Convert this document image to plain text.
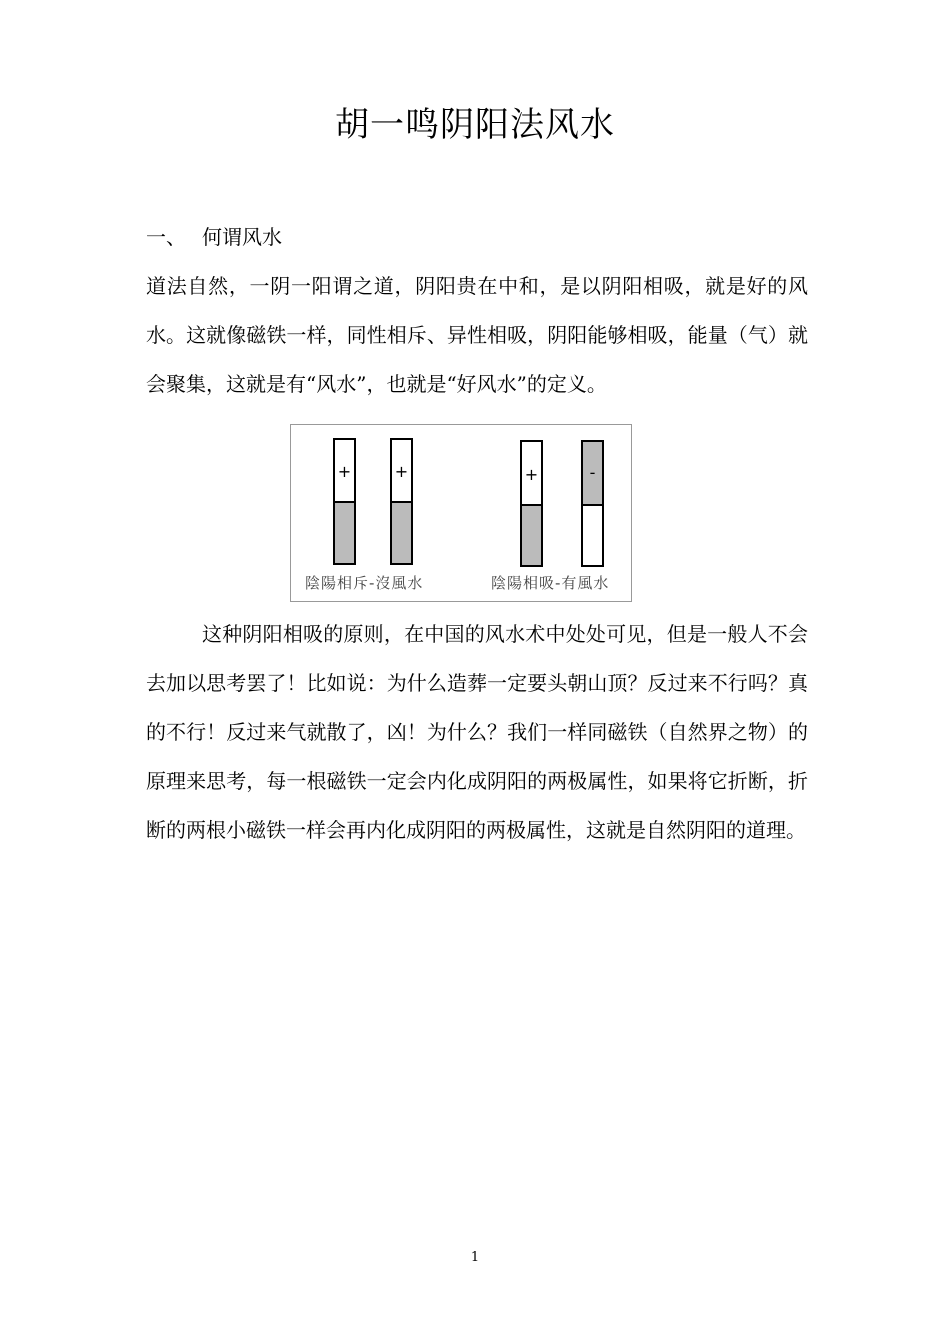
胡一鸣阴阳法风水
一、 何谓风水
道法自然，一阴一阳谓之道，阴阳贵在中和，是以阴阳相吸，就是好的风水。这就像磁铁一样，同性相斥、异性相吸，阴阳能够相吸，能量（气）就会聚集，这就是有“风水”，也就是“好风水”的定义。
+	+	+	-
陰陽相斥-沒風水	陰陽相吸-有風水
这种阴阳相吸的原则，在中国的风水术中处处可见，但是一般人不会去加以思考罢了！比如说：为什么造葬一定要头朝山顶？反过来不行吗？真的不行！反过来气就散了，凶！为什么？我们一样同磁铁（自然界之物）的原理来思考，每一根磁铁一定会内化成阴阳的两极属性，如果将它折断，折断的两根小磁铁一样会再内化成阴阳的两极属性，这就是自然阴阳的道理。
1
